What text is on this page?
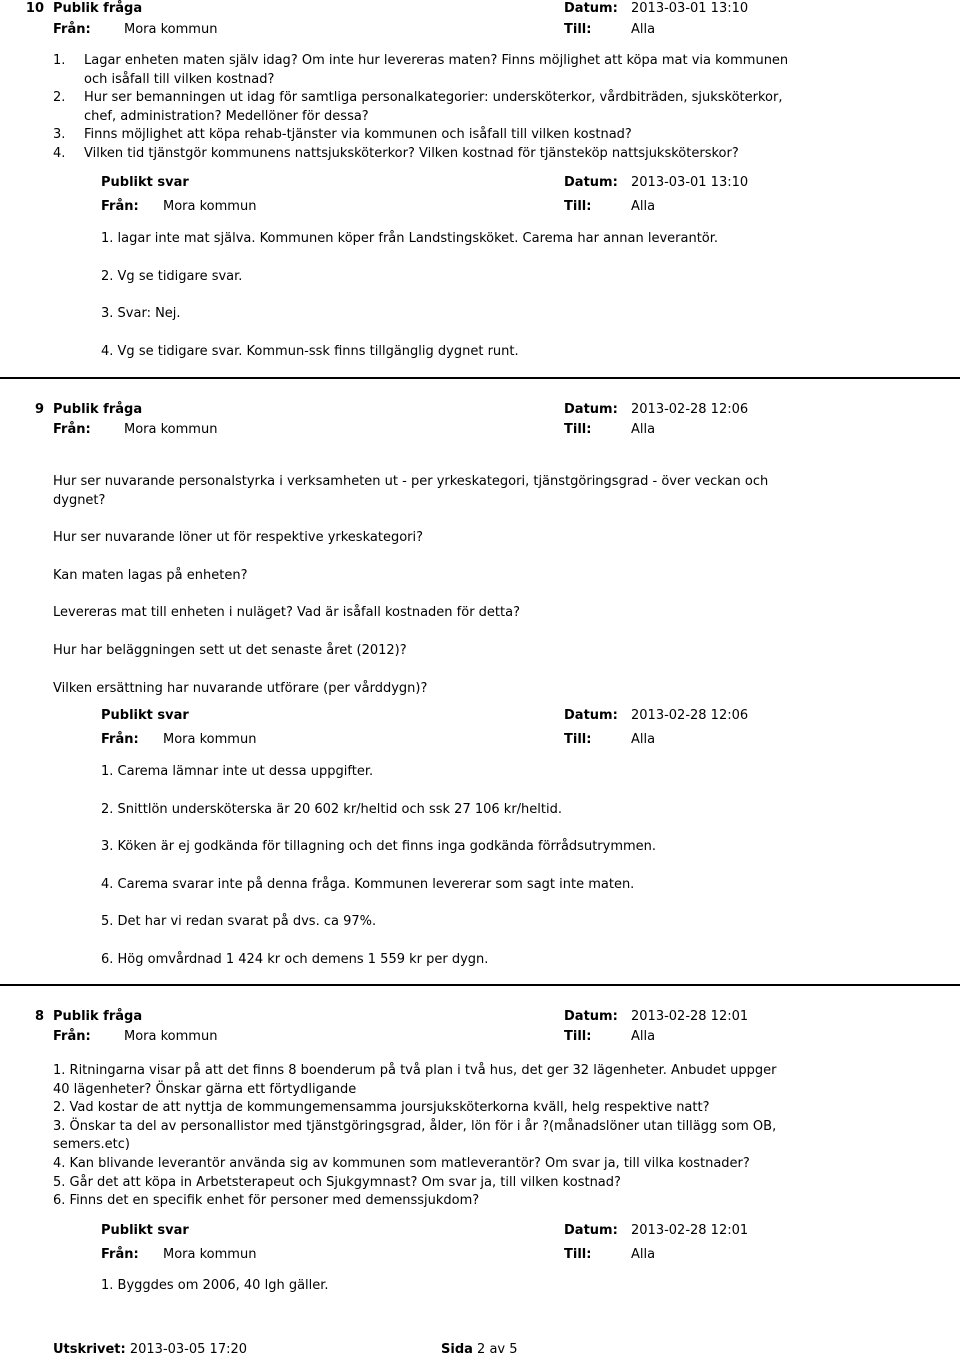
10 Publik fråga	Datum: 2013-03-01 13:10
Från:	Mora kommun	Till:	Alla
1. Lagar enheten maten själv idag? Om inte hur levereras maten? Finns möjlighet att köpa mat via kommunen och isåfall till vilken kostnad?
2. Hur ser bemanningen ut idag för samtliga personalkategorier: undersköterkor, vårdbiträden, sjuksköterkor, chef, administration? Medellöner för dessa?
3. Finns möjlighet att köpa rehab-tjänster via kommunen och isåfall till vilken kostnad?
4. Vilken tid tjänstgör kommunens nattsjuksköterkor? Vilken kostnad för tjänsteköp nattsjuksköterskor?
Publikt svar	Datum: 2013-03-01 13:10
Från: Mora kommun	Till:	Alla

1. lagar inte mat själva. Kommunen köper från Landstingsköket. Carema har annan leverantör.

2. Vg se tidigare svar.

3. Svar: Nej.

4. Vg se tidigare svar. Kommun-ssk finns tillgänglig dygnet runt.

9 Publik fråga	Datum: 2013-02-28 12:06
Från:	Mora kommun	Till:	Alla

Hur ser nuvarande personalstyrka i verksamheten ut - per yrkeskategori, tjänstgöringsgrad - över veckan och dygnet?

Hur ser nuvarande löner ut för respektive yrkeskategori?

Kan maten lagas på enheten?

Levereras mat till enheten i nuläget? Vad är isåfall kostnaden för detta?

Hur har beläggningen sett ut det senaste året (2012)?

Vilken ersättning har nuvarande utförare (per vårddygn)?

Publikt svar	Datum: 2013-02-28 12:06
Från: Mora kommun	Till:	Alla

1. Carema lämnar inte ut dessa uppgifter.

2. Snittlön undersköterska är 20 602 kr/heltid och ssk 27 106 kr/heltid.

3. Köken är ej godkända för tillagning och det finns inga godkända förrådsutrymmen.

4. Carema svarar inte på denna fråga. Kommunen levererar som sagt inte maten.

5. Det har vi redan svarat på dvs. ca 97%.

6. Hög omvårdnad 1 424 kr och demens 1 559 kr per dygn.

8 Publik fråga	Datum: 2013-02-28 12:01
Från:	Mora kommun	Till:	Alla

1. Ritningarna visar på att det finns 8 boenderum på två plan i två hus, det ger 32 lägenheter. Anbudet uppger 40 lägenheter? Önskar gärna ett förtydligande

2. Vad kostar de att nyttja de kommungemensamma joursjuksköterkorna kväll, helg respektive natt?

3. Önskar ta del av personallistor med tjänstgöringsgrad, ålder, lön för i år ?(månadslöner utan tillägg som OB, semers.etc)

4. Kan blivande leverantör använda sig av kommunen som matleverantör? Om svar ja, till vilka kostnader?

5. Går det att köpa in Arbetsterapeut och Sjukgymnast? Om svar ja, till vilken kostnad?

6. Finns det en specifik enhet för personer med demenssjukdom?

Publikt svar	Datum: 2013-02-28 12:01
Från: Mora kommun	Till:	Alla

1. Byggdes om 2006, 40 lgh gäller.

Utskrivet: 2013-03-05 17:20	Sida 2 av 5
